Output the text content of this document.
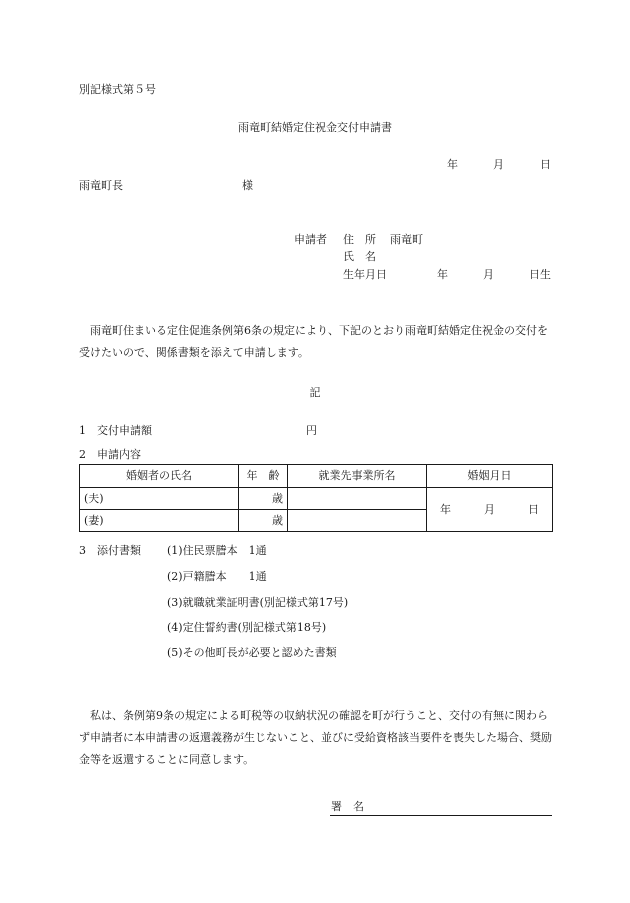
別記様式第５号
雨竜町結婚定住祝金交付申請書
年	月	日
雨竜町長	様
申請者 住　所 雨竜町
氏　名
生年月日	年	月	日生
雨竜町住まいる定住促進条例第6条の規定により、下記のとおり雨竜町結婚定住祝金の交付を受けたいので、関係書類を添えて申請します。
記
1 交付申請額	円
2 申請内容
婚姻者の氏名	年　齢	就業先事業所名	婚姻月日
(夫)	歳		年 月 日
(妻)	歳		
3 添付書類 (1)住民票謄本　1通
(2)戸籍謄本　　1通
(3)就職就業証明書(別記様式第17号)
(4)定住誓約書(別記様式第18号)
(5)その他町長が必要と認めた書類
私は、条例第9条の規定による町税等の収納状況の確認を町が行うこと、交付の有無に関わらず申請者に本申請書の返還義務が生じないこと、並びに受給資格該当要件を喪失した場合、奨励金等を返還することに同意します。
署　名
